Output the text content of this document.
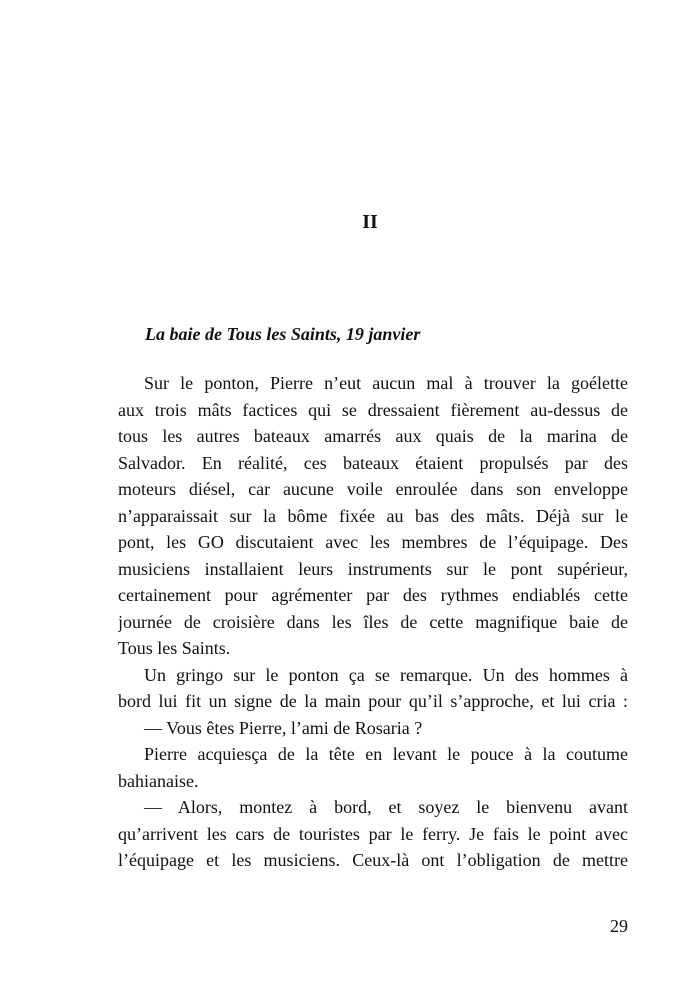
II
La baie de Tous les Saints, 19 janvier
Sur le ponton, Pierre n’eut aucun mal à trouver la goélette
aux trois mâts factices qui se dressaient fièrement au-dessus de
tous les autres bateaux amarrés aux quais de la marina de
Salvador. En réalité, ces bateaux étaient propulsés par des
moteurs diésel, car aucune voile enroulée dans son enveloppe
n’apparaissait sur la bôme fixée au bas des mâts. Déjà sur le
pont, les GO discutaient avec les membres de l’équipage. Des
musiciens installaient leurs instruments sur le pont supérieur,
certainement pour agrémenter par des rythmes endiablés cette
journée de croisière dans les îles de cette magnifique baie de
Tous les Saints.
Un gringo sur le ponton ça se remarque. Un des hommes à
bord lui fit un signe de la main pour qu’il s’approche, et lui cria :
— Vous êtes Pierre, l’ami de Rosaria ?
Pierre acquiesça de la tête en levant le pouce à la coutume
bahianaise.
— Alors, montez à bord, et soyez le bienvenu avant
qu’arrivent les cars de touristes par le ferry. Je fais le point avec
l’équipage et les musiciens. Ceux-là ont l’obligation de mettre
29
